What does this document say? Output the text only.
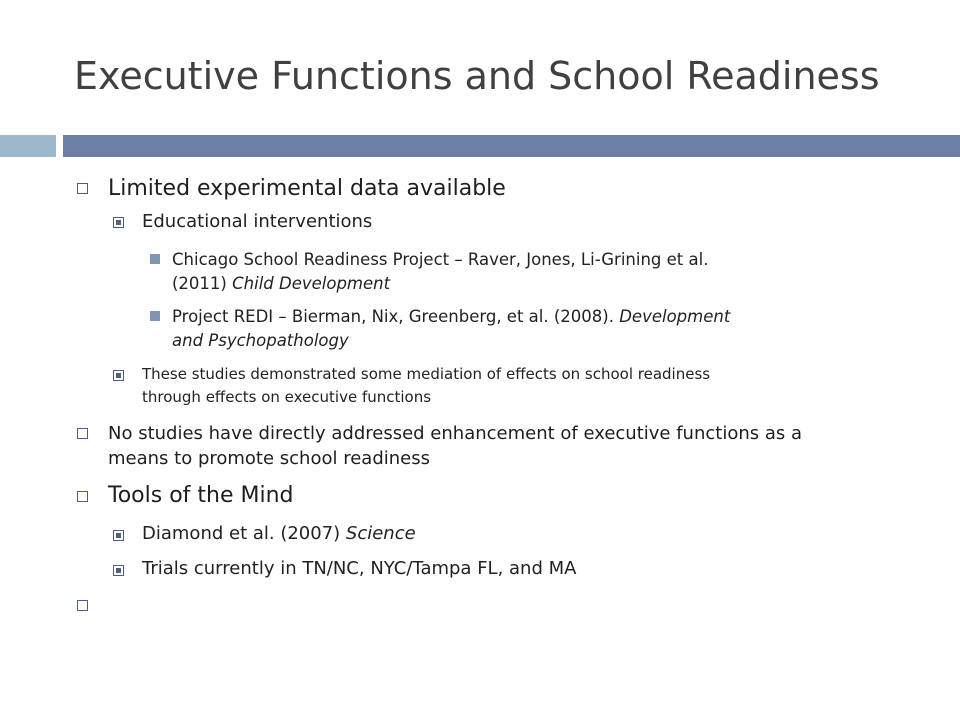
Executive Functions and School Readiness
Limited experimental data available
Educational interventions
Chicago School Readiness Project – Raver, Jones, Li-Grining et al.
(2011) Child Development
Project REDI – Bierman, Nix, Greenberg, et al. (2008). Development
and Psychopathology
These studies demonstrated some mediation of effects on school readiness
through effects on executive functions
No studies have directly addressed enhancement of executive functions as a
means to promote school readiness
Tools of the Mind
Diamond et al. (2007) Science
Trials currently in TN/NC, NYC/Tampa FL, and MA
